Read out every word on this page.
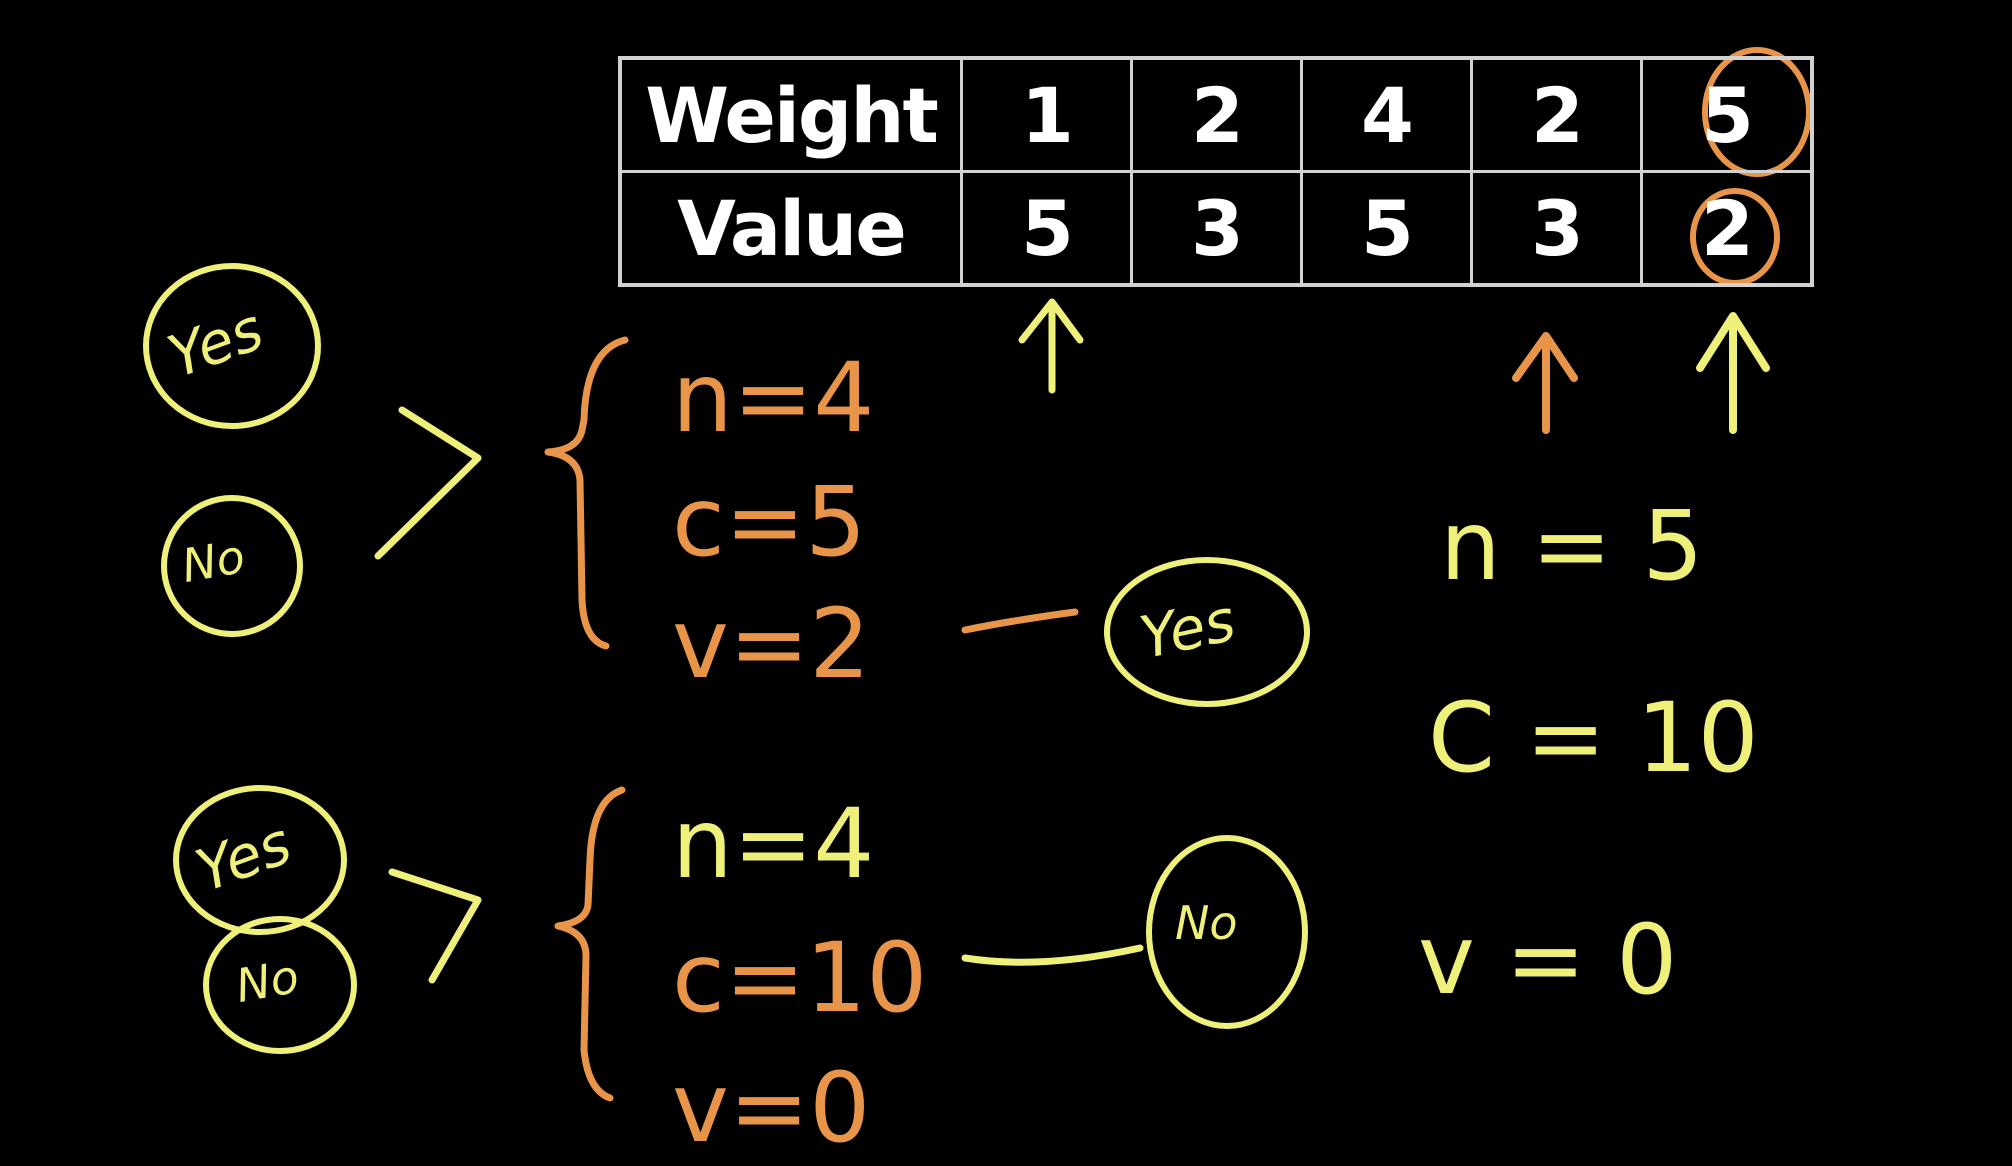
Weight	1	2	4	2	5
Value	5	3	5	3	2
Yes
No
Yes
No
n=4
c=5
v=2	Yes
n=4
c=10
v=0
No
n = 5
C = 10
v = 0
